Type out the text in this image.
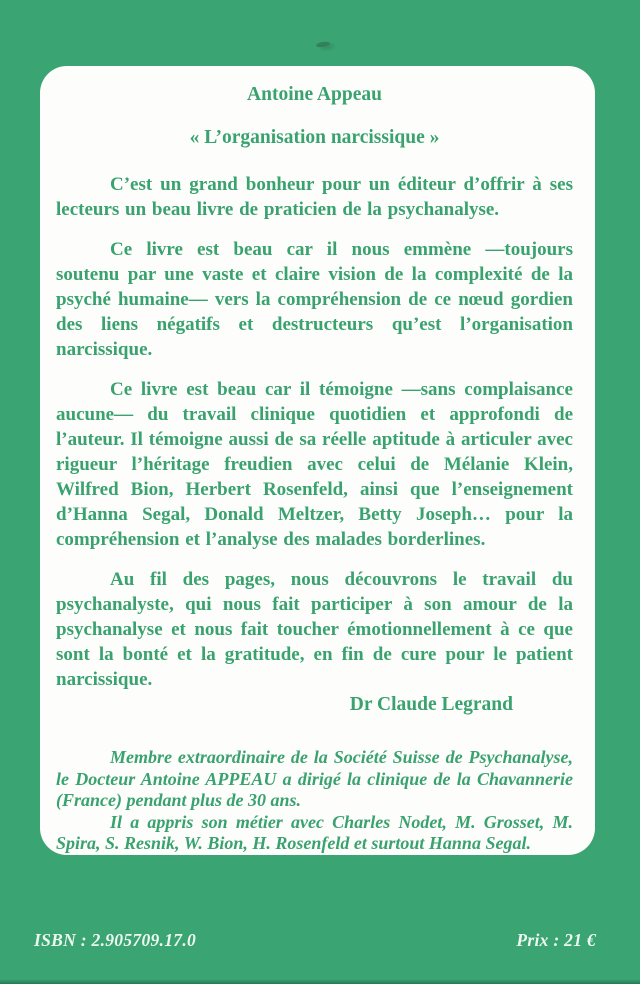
Antoine Appeau
« L’organisation narcissique »

C’est un grand bonheur pour un éditeur d’offrir à ses lecteurs un beau livre de praticien de la psychanalyse.

Ce livre est beau car il nous emmène —toujours soutenu par une vaste et claire vision de la complexité de la psyché humaine— vers la compréhension de ce nœud gordien des liens négatifs et destructeurs qu’est l’organisation narcissique.

Ce livre est beau car il témoigne —sans complaisance aucune— du travail clinique quotidien et approfondi de l’auteur. Il témoigne aussi de sa réelle aptitude à articuler avec rigueur l’héritage freudien avec celui de Mélanie Klein, Wilfred Bion, Herbert Rosenfeld, ainsi que l’enseignement d’Hanna Segal, Donald Meltzer, Betty Joseph… pour la compréhension et l’analyse des malades borderlines.

Au fil des pages, nous découvrons le travail du psychanalyste, qui nous fait participer à son amour de la psychanalyse et nous fait toucher émotionnellement à ce que sont la bonté et la gratitude, en fin de cure pour le patient narcissique.

Dr Claude Legrand

Membre extraordinaire de la Société Suisse de Psychanalyse, le Docteur Antoine APPEAU a dirigé la clinique de la Chavannerie (France) pendant plus de 30 ans.

Il a appris son métier avec Charles Nodet, M. Grosset, M. Spira, S. Resnik, W. Bion, H. Rosenfeld et surtout Hanna Segal.

ISBN : 2.905709.17.0	Prix : 21 €
